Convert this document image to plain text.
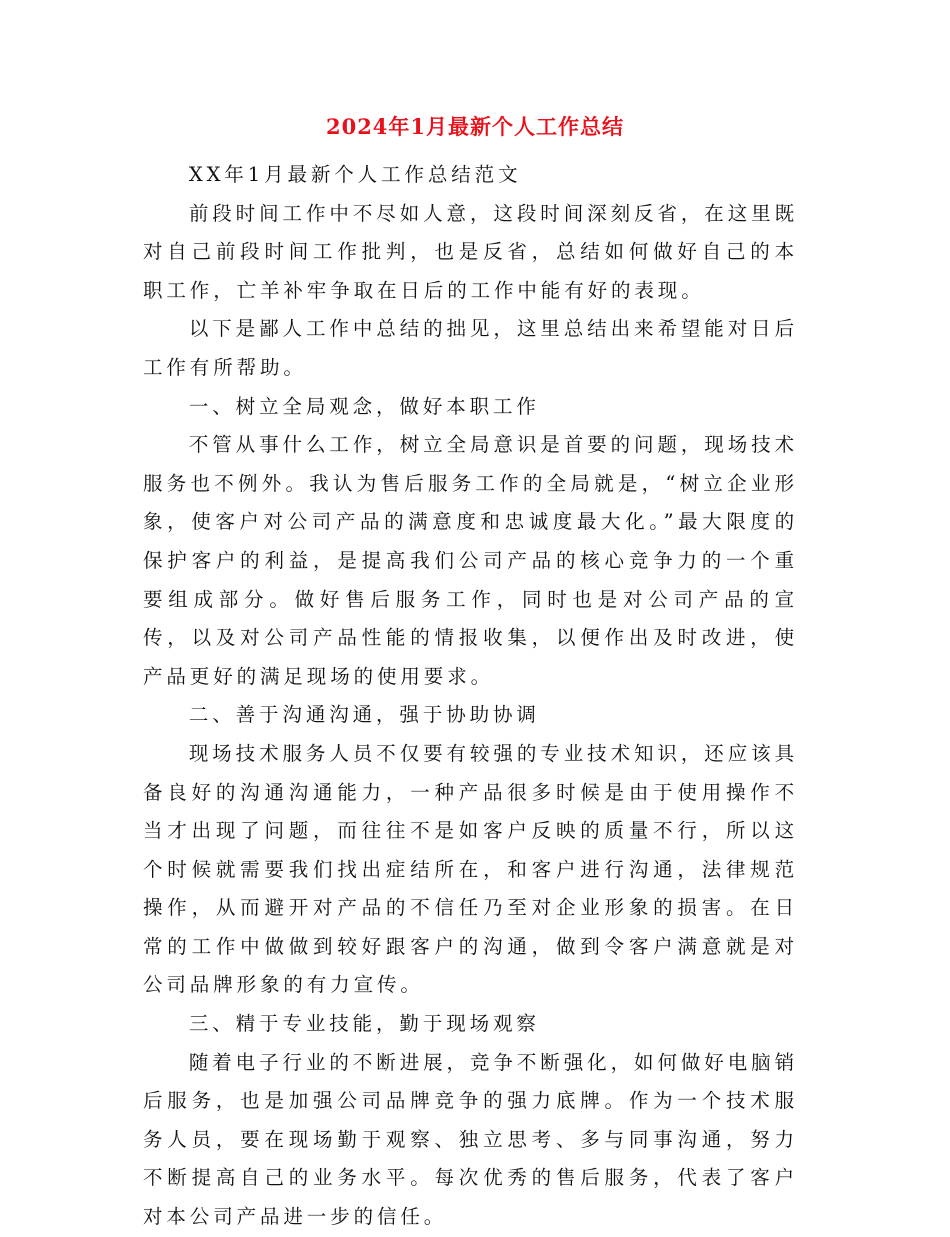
2024年1月最新个人工作总结

XX年1月最新个人工作总结范文

前段时间工作中不尽如人意，这段时间深刻反省，在这里既对自己前段时间工作批判，也是反省，总结如何做好自己的本职工作，亡羊补牢争取在日后的工作中能有好的表现。

以下是鄙人工作中总结的拙见，这里总结出来希望能对日后工作有所帮助。

一、树立全局观念，做好本职工作

不管从事什么工作，树立全局意识是首要的问题，现场技术服务也不例外。我认为售后服务工作的全局就是，“树立企业形象，使客户对公司产品的满意度和忠诚度最大化。”最大限度的保护客户的利益，是提高我们公司产品的核心竞争力的一个重要组成部分。做好售后服务工作，同时也是对公司产品的宣传，以及对公司产品性能的情报收集，以便作出及时改进，使产品更好的满足现场的使用要求。

二、善于沟通沟通，强于协助协调

现场技术服务人员不仅要有较强的专业技术知识，还应该具备良好的沟通沟通能力，一种产品很多时候是由于使用操作不当才出现了问题，而往往不是如客户反映的质量不行，所以这个时候就需要我们找出症结所在，和客户进行沟通，法律规范操作，从而避开对产品的不信任乃至对企业形象的损害。在日常的工作中做做到较好跟客户的沟通，做到令客户满意就是对公司品牌形象的有力宣传。

三、精于专业技能，勤于现场观察

随着电子行业的不断进展，竞争不断强化，如何做好电脑销后服务，也是加强公司品牌竞争的强力底牌。作为一个技术服务人员，要在现场勤于观察、独立思考、多与同事沟通，努力不断提高自己的业务水平。每次优秀的售后服务，代表了客户对本公司产品进一步的信任。
